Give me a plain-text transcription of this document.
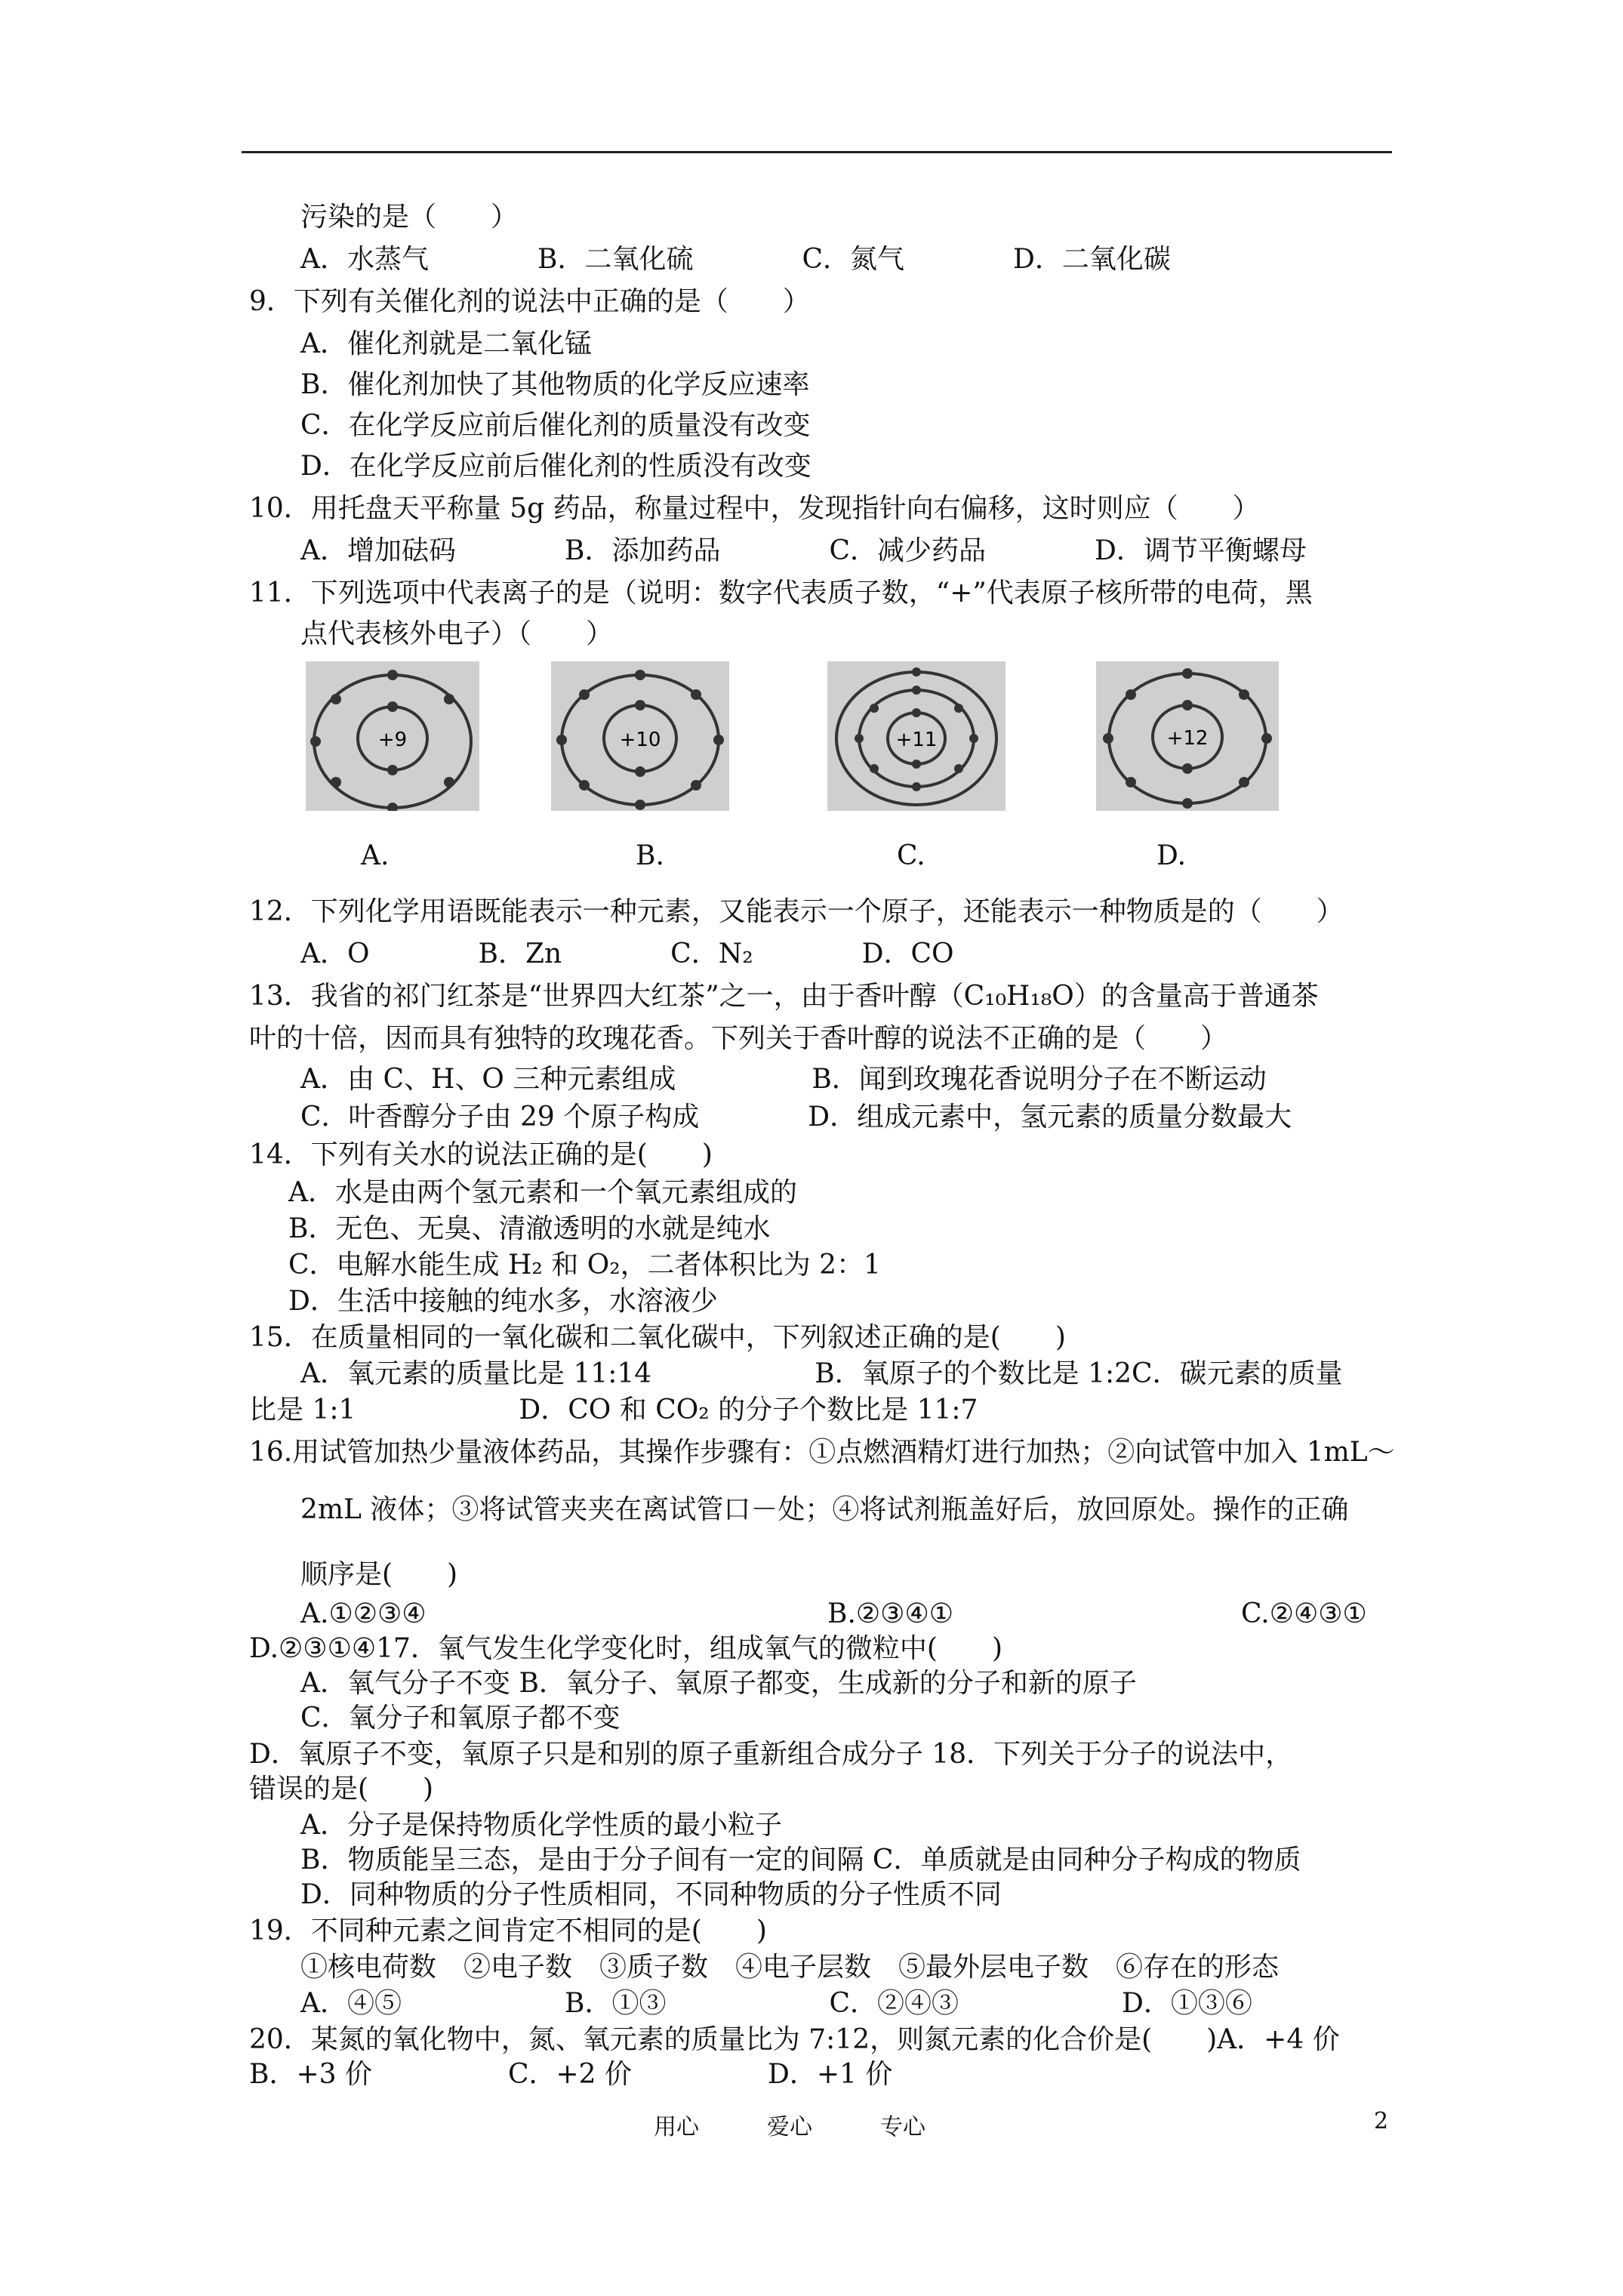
污染的是（　　）
A．水蒸气　　　　B．二氧化硫　　　　C．氮气　　　　D．二氧化碳
9．下列有关催化剂的说法中正确的是（　　）
A．催化剂就是二氧化锰
B．催化剂加快了其他物质的化学反应速率
C．在化学反应前后催化剂的质量没有改变
D．在化学反应前后催化剂的性质没有改变
10．用托盘天平称量 5g 药品，称量过程中，发现指针向右偏移，这时则应（　　）
A．增加砝码　　　　B．添加药品　　　　C．减少药品　　　　D．调节平衡螺母
11．下列选项中代表离子的是（说明：数字代表质子数，“+”代表原子核所带的电荷，黑
点代表核外电子）（　　）
+9	+10	+11	+12
A.	B.	C.	D.
12．下列化学用语既能表示一种元素，又能表示一个原子，还能表示一种物质是的（　　）
A．O　　　　B．Zn　　　　C．N₂　　　　D．CO
13．我省的祁门红茶是“世界四大红茶”之一，由于香叶醇（C₁₀H₁₈O）的含量高于普通茶
叶的十倍，因而具有独特的玫瑰花香。下列关于香叶醇的说法不正确的是（　　）
A．由 C、H、O 三种元素组成　　　　　B．闻到玫瑰花香说明分子在不断运动
C．叶香醇分子由 29 个原子构成　　　　D．组成元素中，氢元素的质量分数最大
14．下列有关水的说法正确的是(　　)
A．水是由两个氢元素和一个氧元素组成的
B．无色、无臭、清澈透明的水就是纯水
C．电解水能生成 H₂ 和 O₂，二者体积比为 2：1
D．生活中接触的纯水多，水溶液少
15．在质量相同的一氧化碳和二氧化碳中，下列叙述正确的是(　　)
A．氧元素的质量比是 11:14　　　　　　B．氧原子的个数比是 1:2C．碳元素的质量
比是 1:1　　　　　　D．CO 和 CO₂ 的分子个数比是 11:7
16.用试管加热少量液体药品，其操作步骤有：①点燃酒精灯进行加热；②向试管中加入 1mL～
2mL 液体；③将试管夹夹在离试管口－处；④将试剂瓶盖好后，放回原处。操作的正确
顺序是(　　)
A.①②③④	B.②③④①	C.②④③①
D.②③①④17．氧气发生化学变化时，组成氧气的微粒中(　　)
A．氧气分子不变 B．氧分子、氧原子都变，生成新的分子和新的原子
C．氧分子和氧原子都不变
D．氧原子不变，氧原子只是和别的原子重新组合成分子 18．下列关于分子的说法中，
错误的是(　　)
A．分子是保持物质化学性质的最小粒子
B．物质能呈三态，是由于分子间有一定的间隔 C．单质就是由同种分子构成的物质
D．同种物质的分子性质相同，不同种物质的分子性质不同
19．不同种元素之间肯定不相同的是(　　)
①核电荷数　②电子数　③质子数　④电子层数　⑤最外层电子数　⑥存在的形态
A．④⑤　　　　　　B．①③　　　　　　C．②④③　　　　　　D．①③⑥
20．某氮的氧化物中，氮、氧元素的质量比为 7:12，则氮元素的化合价是(　　)A．+4 价
B．+3 价　　　　　C．+2 价　　　　　D．+1 价
用心　　　爱心　　　专心	2
